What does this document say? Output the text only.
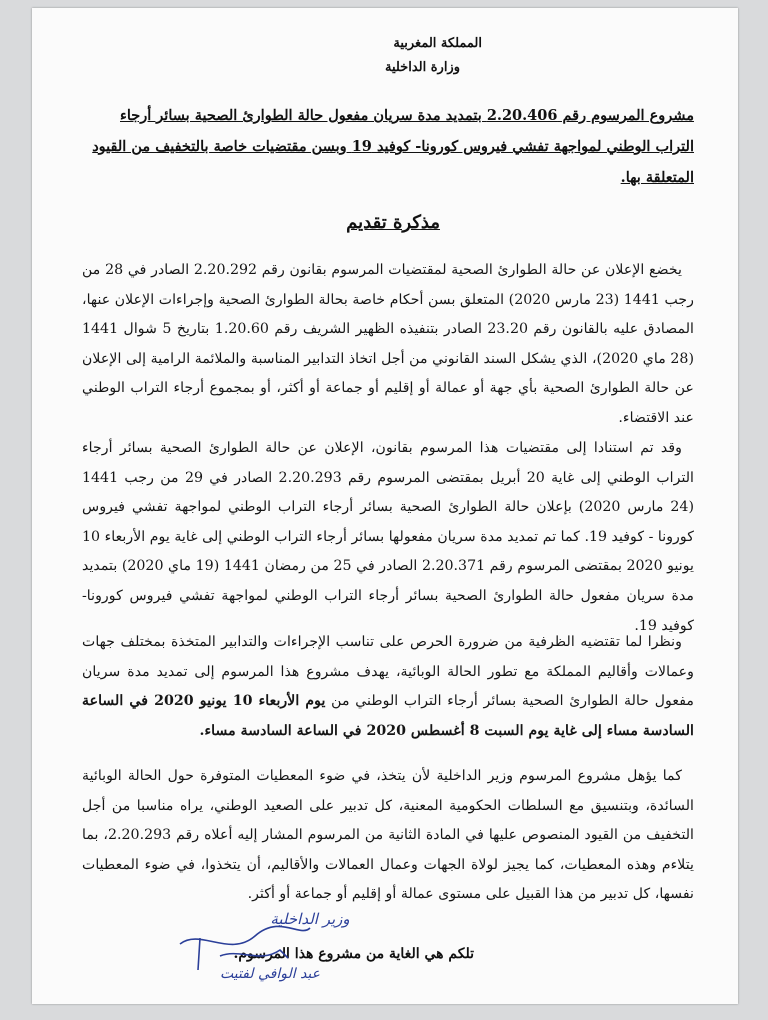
المملكة المغربية
وزارة الداخلية
مشروع المرسوم رقم 2.20.406 بتمديد مدة سريان مفعول حالة الطوارئ الصحية بسائر أرجاء التراب الوطني لمواجهة تفشي فيروس كورونا- كوفيد 19 وبسن مقتضيات خاصة بالتخفيف من القيود المتعلقة بها.
مذكرة تقديم
يخضع الإعلان عن حالة الطوارئ الصحية لمقتضيات المرسوم بقانون رقم 2.20.292 الصادر في 28 من رجب 1441 (23 مارس 2020) المتعلق بسن أحكام خاصة بحالة الطوارئ الصحية وإجراءات الإعلان عنها، المصادق عليه بالقانون رقم 23.20 الصادر بتنفيذه الظهير الشريف رقم 1.20.60 بتاريخ 5 شوال 1441 (28 ماي 2020)، الذي يشكل السند القانوني من أجل اتخاذ التدابير المناسبة والملائمة الرامية إلى الإعلان عن حالة الطوارئ الصحية بأي جهة أو عمالة أو إقليم أو جماعة أو أكثر، أو بمجموع أرجاء التراب الوطني عند الاقتضاء.
وقد تم استنادا إلى مقتضيات هذا المرسوم بقانون، الإعلان عن حالة الطوارئ الصحية بسائر أرجاء التراب الوطني إلى غاية 20 أبريل بمقتضى المرسوم رقم 2.20.293 الصادر في 29 من رجب 1441 (24 مارس 2020) بإعلان حالة الطوارئ الصحية بسائر أرجاء التراب الوطني لمواجهة تفشي فيروس كورونا - كوفيد 19. كما تم تمديد مدة سريان مفعولها بسائر أرجاء التراب الوطني إلى غاية يوم الأربعاء 10 يونيو 2020 بمقتضى المرسوم رقم 2.20.371 الصادر في 25 من رمضان 1441 (19 ماي 2020) بتمديد مدة سريان مفعول حالة الطوارئ الصحية بسائر أرجاء التراب الوطني لمواجهة تفشي فيروس كورونا- كوفيد 19.
ونظرا لما تقتضيه الظرفية من ضرورة الحرص على تناسب الإجراءات والتدابير المتخذة بمختلف جهات وعمالات وأقاليم المملكة مع تطور الحالة الوبائية، يهدف مشروع هذا المرسوم إلى تمديد مدة سريان مفعول حالة الطوارئ الصحية بسائر أرجاء التراب الوطني من يوم الأربعاء 10 يونيو 2020 في الساعة السادسة مساء إلى غاية يوم السبت 8 أغسطس 2020 في الساعة السادسة مساء.
كما يؤهل مشروع المرسوم وزير الداخلية لأن يتخذ، في ضوء المعطيات المتوفرة حول الحالة الوبائية السائدة، وبتنسيق مع السلطات الحكومية المعنية، كل تدبير على الصعيد الوطني، يراه مناسبا من أجل التخفيف من القيود المنصوص عليها في المادة الثانية من المرسوم المشار إليه أعلاه رقم 2.20.293، بما يتلاءم وهذه المعطيات، كما يجيز لولاة الجهات وعمال العمالات والأقاليم، أن يتخذوا، في ضوء المعطيات نفسها، كل تدبير من هذا القبيل على مستوى عمالة أو إقليم أو جماعة أو أكثر.
تلكم هي الغاية من مشروع هذا المرسوم.
وزير الداخلية
عبد الوافي لفتيت
